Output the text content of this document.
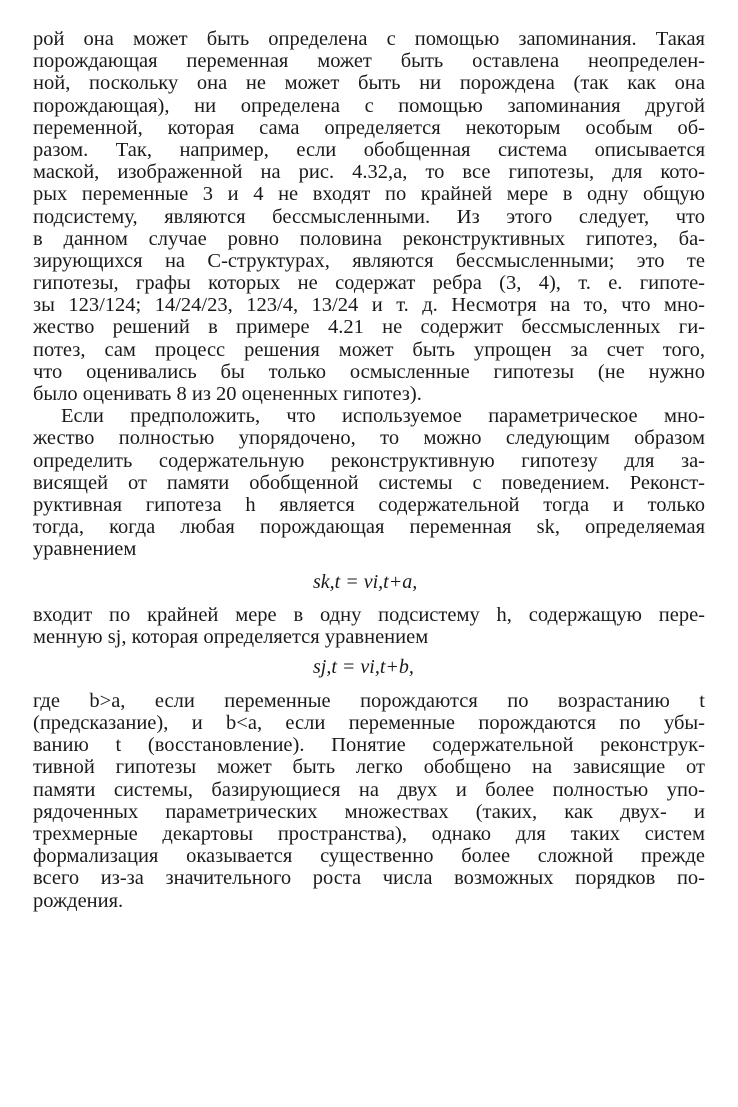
рой она может быть определена с помощью запоминания. Такая
порождающая переменная может быть оставлена неопределен-
ной, поскольку она не может быть ни порождена (так как она
порождающая), ни определена с помощью запоминания другой
переменной, которая сама определяется некоторым особым об-
разом. Так, например, если обобщенная система описывается
маской, изображенной на рис. 4.32,а, то все гипотезы, для кото-
рых переменные 3 и 4 не входят по крайней мере в одну общую
подсистему, являются бессмысленными. Из этого следует, что
в данном случае ровно половина реконструктивных гипотез, ба-
зирующихся на С-структурах, являются бессмысленными; это те
гипотезы, графы которых не содержат ребра (3, 4), т. е. гипоте-
зы 123/124; 14/24/23, 123/4, 13/24 и т. д. Несмотря на то, что мно-
жество решений в примере 4.21 не содержит бессмысленных ги-
потез, сам процесс решения может быть упрощен за счет того,
что оценивались бы только осмысленные гипотезы (не нужно
было оценивать 8 из 20 оцененных гипотез).
Если предположить, что используемое параметрическое мно-
жество полностью упорядочено, то можно следующим образом
определить содержательную реконструктивную гипотезу для за-
висящей от памяти обобщенной системы с поведением. Реконст-
руктивная гипотеза h является содержательной тогда и только
тогда, когда любая порождающая переменная sk, определяемая
уравнением
sk,t = vi,t+a,
входит по крайней мере в одну подсистему h, содержащую пере-
менную sj, которая определяется уравнением
sj,t = vi,t+b,
где b>a, если переменные порождаются по возрастанию t
(предсказание), и b<a, если переменные порождаются по убы-
ванию t (восстановление). Понятие содержательной реконструк-
тивной гипотезы может быть легко обобщено на зависящие от
памяти системы, базирующиеся на двух и более полностью упо-
рядоченных параметрических множествах (таких, как двух- и
трехмерные декартовы пространства), однако для таких систем
формализация оказывается существенно более сложной прежде
всего из-за значительного роста числа возможных порядков по-
рождения.
